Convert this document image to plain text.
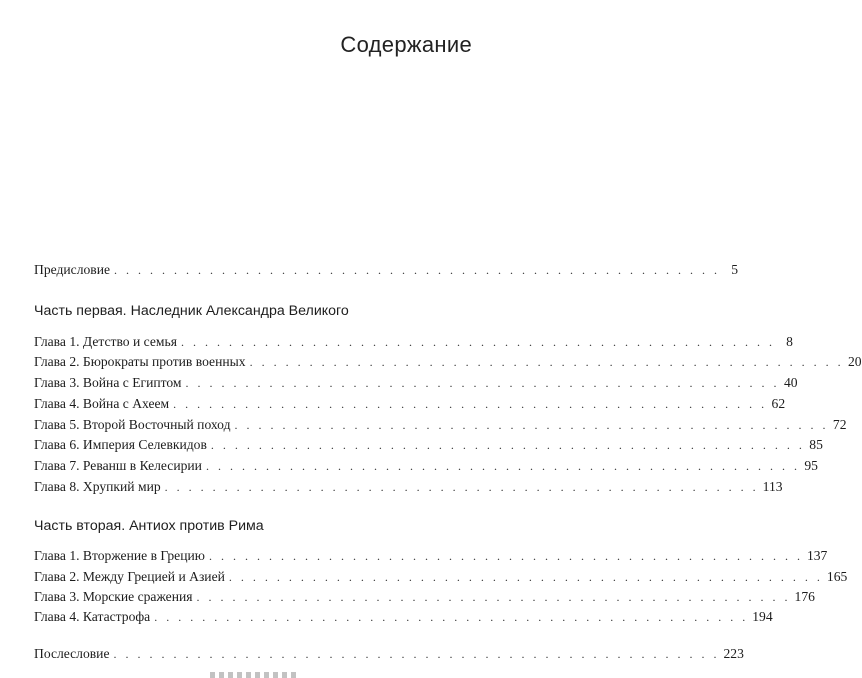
Содержание
Предисловие . . . . . . . . . . . . . . . . . . . . . . . . . . . . . . . . . . . . . . . . . . . . . . . . . . . 5
Часть первая. Наследник Александра Великого
Глава 1. Детство и семья . . . . . . . . . . . . . . . . . . . . . . . . . . . . . . . . . . . . . . . . . . . . . . . . . . 8
Глава 2. Бюрократы против военных . . . . . . . . . . . . . . . . . . . . . . . . . . . . . . . . . . . . . . . . . . . . . . . . . . 20
Глава 3. Война с Египтом . . . . . . . . . . . . . . . . . . . . . . . . . . . . . . . . . . . . . . . . . . . . . . . . . . 40
Глава 4. Война с Ахеем . . . . . . . . . . . . . . . . . . . . . . . . . . . . . . . . . . . . . . . . . . . . . . . . . . 62
Глава 5. Второй Восточный поход . . . . . . . . . . . . . . . . . . . . . . . . . . . . . . . . . . . . . . . . . . . . . . . . . . 72
Глава 6. Империя Селевкидов . . . . . . . . . . . . . . . . . . . . . . . . . . . . . . . . . . . . . . . . . . . . . . . . . . 85
Глава 7. Реванш в Келесирии . . . . . . . . . . . . . . . . . . . . . . . . . . . . . . . . . . . . . . . . . . . . . . . . . . 95
Глава 8. Хрупкий мир . . . . . . . . . . . . . . . . . . . . . . . . . . . . . . . . . . . . . . . . . . . . . . . . . . 113
Часть вторая. Антиох против Рима
Глава 1. Вторжение в Грецию . . . . . . . . . . . . . . . . . . . . . . . . . . . . . . . . . . . . . . . . . . . . . . . . . . 137
Глава 2. Между Грецией и Азией . . . . . . . . . . . . . . . . . . . . . . . . . . . . . . . . . . . . . . . . . . . . . . . . . . 165
Глава 3. Морские сражения . . . . . . . . . . . . . . . . . . . . . . . . . . . . . . . . . . . . . . . . . . . . . . . . . . 176
Глава 4. Катастрофа . . . . . . . . . . . . . . . . . . . . . . . . . . . . . . . . . . . . . . . . . . . . . . . . . . 194
Послесловие . . . . . . . . . . . . . . . . . . . . . . . . . . . . . . . . . . . . . . . . . . . . . . . . . . . 223
